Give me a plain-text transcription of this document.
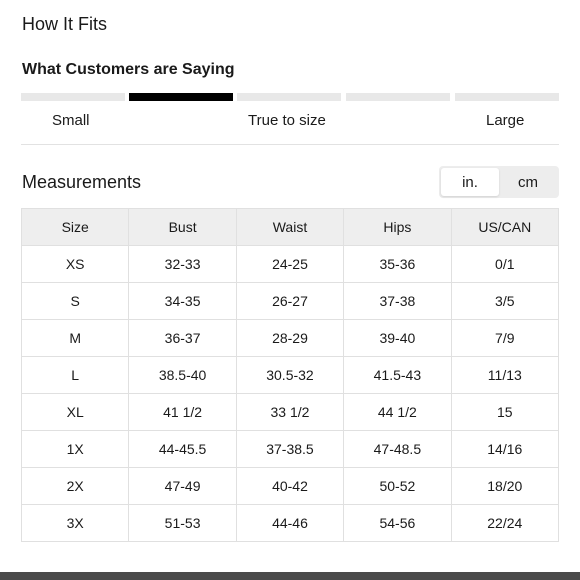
How It Fits
What Customers are Saying
Small	True to size	Large
Measurements	in.	cm
Size	Bust	Waist	Hips	US/CAN
XS	32-33	24-25	35-36	0/1
S	34-35	26-27	37-38	3/5
M	36-37	28-29	39-40	7/9
L	38.5-40	30.5-32	41.5-43	11/13
XL	41 1/2	33 1/2	44 1/2	15
1X	44-45.5	37-38.5	47-48.5	14/16
2X	47-49	40-42	50-52	18/20
3X	51-53	44-46	54-56	22/24
